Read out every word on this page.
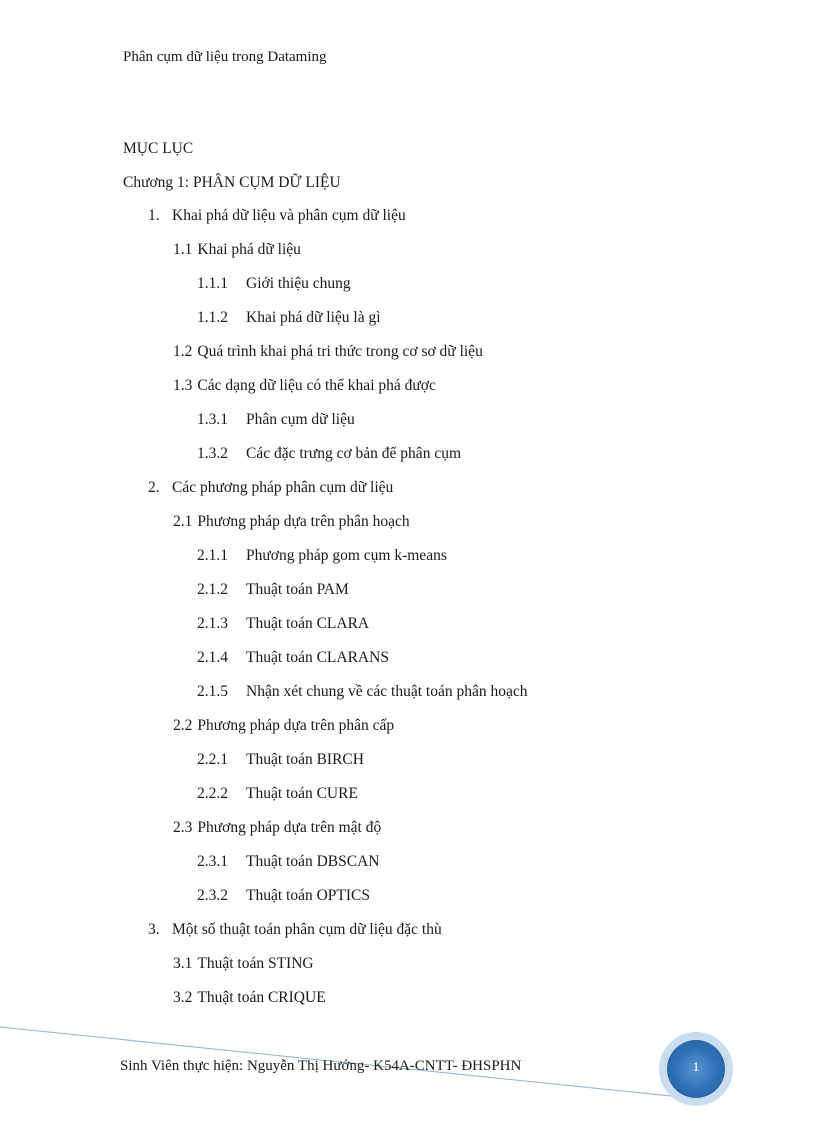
Phân cụm dữ liệu trong Dataming
MỤC LỤC
Chương 1: PHÂN CỤM DỮ LIỆU
1. Khai phá dữ liệu và phân cụm dữ liệu
1.1 Khai phá dữ liệu
1.1.1 Giới thiệu chung
1.1.2 Khai phá dữ liệu là gì
1.2 Quá trình khai phá tri thức trong cơ sơ dữ liệu
1.3 Các dạng dữ liệu có thể khai phá được
1.3.1 Phân cụm dữ liệu
1.3.2 Các đặc trưng cơ bản để phân cụm
2. Các phương pháp phân cụm dữ liệu
2.1 Phương pháp dựa trên phân hoạch
2.1.1 Phương pháp gom cụm k-means
2.1.2 Thuật toán PAM
2.1.3 Thuật toán CLARA
2.1.4 Thuật toán CLARANS
2.1.5 Nhận xét chung về các thuật toán phân hoạch
2.2 Phương pháp dựa trên phân cấp
2.2.1 Thuật toán BIRCH
2.2.2 Thuật toán CURE
2.3 Phương pháp dựa trên mật độ
2.3.1 Thuật toán DBSCAN
2.3.2 Thuật toán OPTICS
3. Một số thuật toán phân cụm dữ liệu đặc thù
3.1 Thuật toán STING
3.2 Thuật toán CRIQUE
Sinh Viên thực hiện: Nguyễn Thị Hướng- K54A-CNTT- ĐHSPHN	1
